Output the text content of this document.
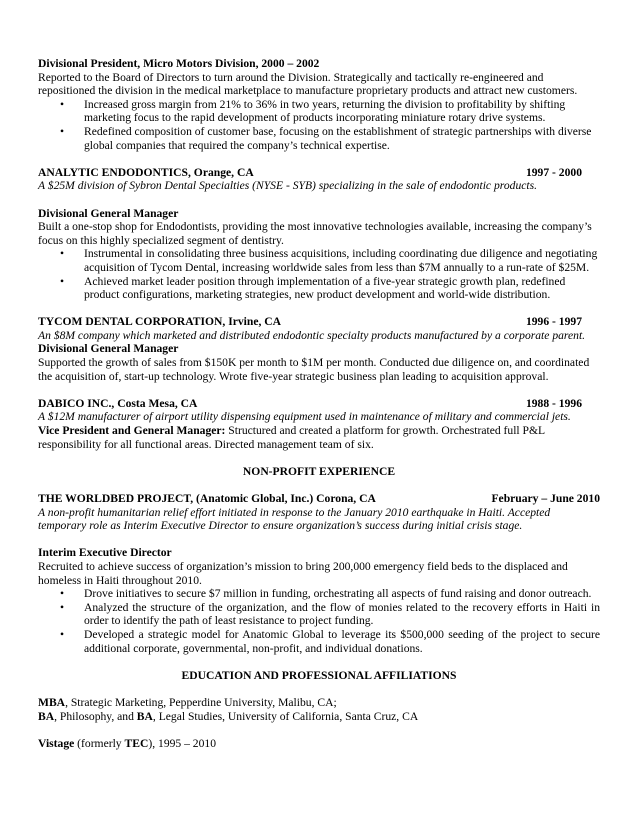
Divisional President, Micro Motors Division, 2000 – 2002

Reported to the Board of Directors to turn around the Division. Strategically and tactically re-engineered and repositioned the division in the medical marketplace to manufacture proprietary products and attract new customers.

• Increased gross margin from 21% to 36% in two years, returning the division to profitability by shifting marketing focus to the rapid development of products incorporating miniature rotary drive systems.
• Redefined composition of customer base, focusing on the establishment of strategic partnerships with diverse global companies that required the company’s technical expertise.
ANALYTIC ENDODONTICS, Orange, CA	1997 - 2000

A $25M division of Sybron Dental Specialties (NYSE - SYB) specializing in the sale of endodontic products.

Divisional General Manager

Built a one-stop shop for Endodontists, providing the most innovative technologies available, increasing the company’s focus on this highly specialized segment of dentistry.

• Instrumental in consolidating three business acquisitions, including coordinating due diligence and negotiating acquisition of Tycom Dental, increasing worldwide sales from less than $7M annually to a run-rate of $25M.
• Achieved market leader position through implementation of a five-year strategic growth plan, redefined product configurations, marketing strategies, new product development and world-wide distribution.
TYCOM DENTAL CORPORATION, Irvine, CA	1996 - 1997

An $8M company which marketed and distributed endodontic specialty products manufactured by a corporate parent.

Divisional General Manager

Supported the growth of sales from $150K per month to $1M per month. Conducted due diligence on, and coordinated the acquisition of, start-up technology. Wrote five-year strategic business plan leading to acquisition approval.

DABICO INC., Costa Mesa, CA	1988 - 1996

A $12M manufacturer of airport utility dispensing equipment used in maintenance of military and commercial jets.

Vice President and General Manager: Structured and created a platform for growth. Orchestrated full P&L responsibility for all functional areas. Directed management team of six.

NON-PROFIT EXPERIENCE

THE WORLDBED PROJECT, (Anatomic Global, Inc.) Corona, CA	February – June 2010

A non-profit humanitarian relief effort initiated in response to the January 2010 earthquake in Haiti. Accepted temporary role as Interim Executive Director to ensure organization’s success during initial crisis stage.

Interim Executive Director

Recruited to achieve success of organization’s mission to bring 200,000 emergency field beds to the displaced and homeless in Haiti throughout 2010.

• Drove initiatives to secure $7 million in funding, orchestrating all aspects of fund raising and donor outreach.
• Analyzed the structure of the organization, and the flow of monies related to the recovery efforts in Haiti in order to identify the path of least resistance to project funding.
• Developed a strategic model for Anatomic Global to leverage its $500,000 seeding of the project to secure additional corporate, governmental, non-profit, and individual donations.

EDUCATION AND PROFESSIONAL AFFILIATIONS

MBA, Strategic Marketing, Pepperdine University, Malibu, CA;

BA, Philosophy, and BA, Legal Studies, University of California, Santa Cruz, CA

Vistage (formerly TEC), 1995 – 2010
